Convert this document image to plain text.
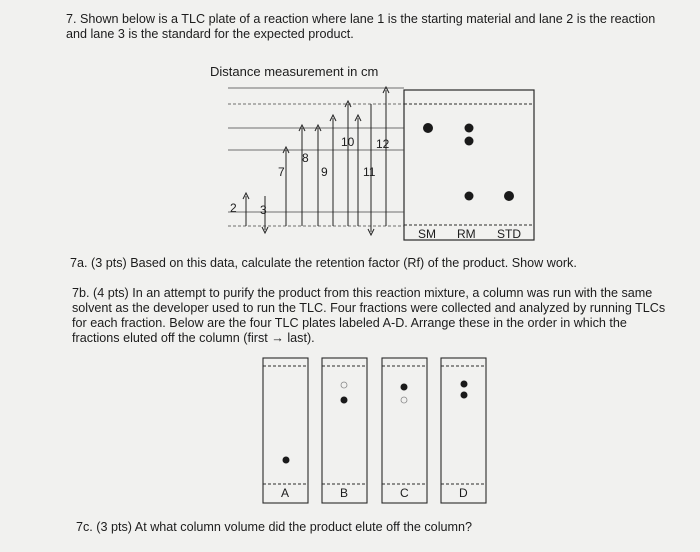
7. Shown below is a TLC plate of a reaction where lane 1 is the starting material and lane 2 is the reaction and lane 3 is the standard for the expected product.
Distance measurement in cm
2 3
7
8
9
10
11
12
SM RM STD
A	B	C	D
7a. (3 pts) Based on this data, calculate the retention factor (Rf) of the product. Show work.
7b. (4 pts) In an attempt to purify the product from this reaction mixture, a column was run with the same solvent as the developer used to run the TLC. Four fractions were collected and analyzed by running TLCs for each fraction. Below are the four TLC plates labeled A-D. Arrange these in the order in which the fractions eluted off the column (first → last).
7c. (3 pts) At what column volume did the product elute off the column?
